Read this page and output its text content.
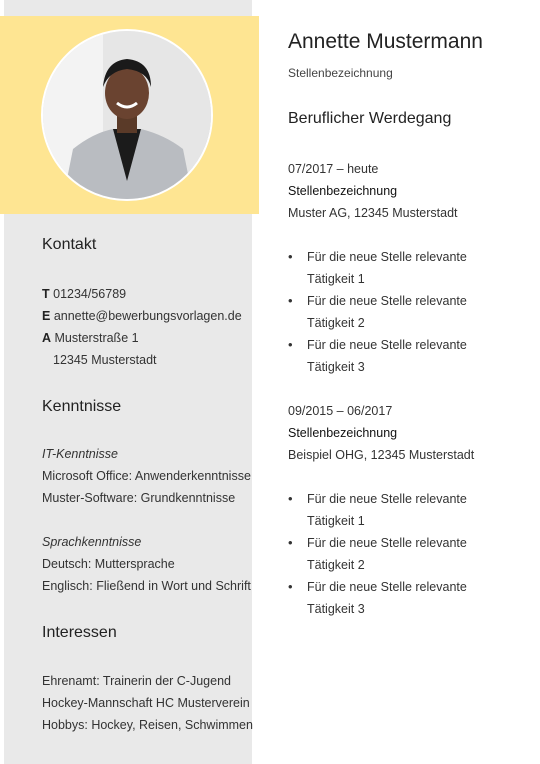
Kontakt
T 01234/56789
E annette@bewerbungsvorlagen.de
A Musterstraße 1
12345 Musterstadt
Kenntnisse
IT-Kenntnisse
Microsoft Office: Anwenderkenntnisse
Muster-Software: Grundkenntnisse
Sprachkenntnisse
Deutsch: Muttersprache
Englisch: Fließend in Wort und Schrift
Interessen
Ehrenamt: Trainerin der C-Jugend
Hockey-Mannschaft HC Musterverein
Hobbys: Hockey, Reisen, Schwimmen
Annette Mustermann
Stellenbezeichnung
Beruflicher Werdegang
07/2017 – heute
Stellenbezeichnung
Muster AG, 12345 Musterstadt
• Für die neue Stelle relevante
Tätigkeit 1
• Für die neue Stelle relevante
Tätigkeit 2
• Für die neue Stelle relevante
Tätigkeit 3
09/2015 – 06/2017
Stellenbezeichnung
Beispiel OHG, 12345 Musterstadt
• Für die neue Stelle relevante
Tätigkeit 1
• Für die neue Stelle relevante
Tätigkeit 2
• Für die neue Stelle relevante
Tätigkeit 3
